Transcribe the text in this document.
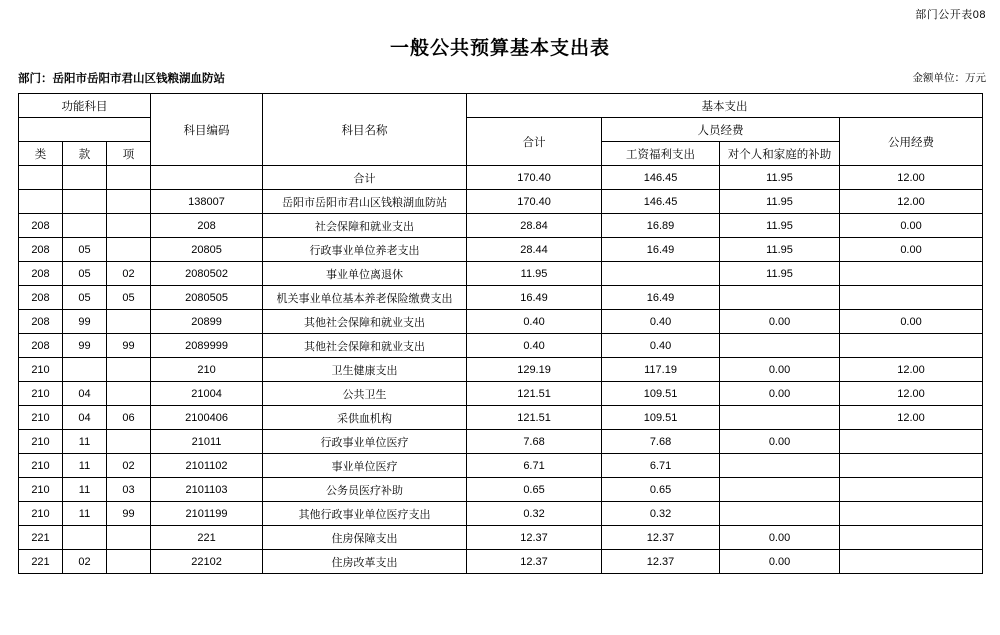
部门公开表08
一般公共预算基本支出表
部门：岳阳市岳阳市君山区钱粮湖血防站	金额单位：万元
功能科目			科目编码	科目名称	基本支出			
					合计	人员经费		公用经费
类	款	项				工资福利支出	对个人和家庭的补助	
				合计	170.40	146.45	11.95	12.00
			138007	岳阳市岳阳市君山区钱粮湖血防站	170.40	146.45	11.95	12.00
208			208	社会保障和就业支出	28.84	16.89	11.95	0.00
208	05		20805	行政事业单位养老支出	28.44	16.49	11.95	0.00
208	05	02	2080502	事业单位离退休	11.95		11.95	
208	05	05	2080505	机关事业单位基本养老保险缴费支出	16.49	16.49		
208	99		20899	其他社会保障和就业支出	0.40	0.40	0.00	0.00
208	99	99	2089999	其他社会保障和就业支出	0.40	0.40		
210			210	卫生健康支出	129.19	117.19	0.00	12.00
210	04		21004	公共卫生	121.51	109.51	0.00	12.00
210	04	06	2100406	采供血机构	121.51	109.51		12.00
210	11		21011	行政事业单位医疗	7.68	7.68	0.00	
210	11	02	2101102	事业单位医疗	6.71	6.71		
210	11	03	2101103	公务员医疗补助	0.65	0.65		
210	11	99	2101199	其他行政事业单位医疗支出	0.32	0.32		
221			221	住房保障支出	12.37	12.37	0.00	
221	02		22102	住房改革支出	12.37	12.37	0.00	
